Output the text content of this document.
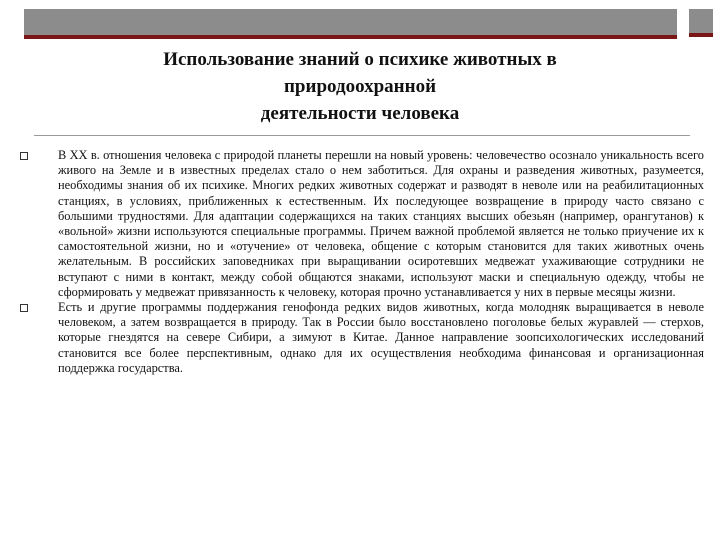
Использование знаний о психике животных в
природоохранной
деятельности человека

В XX в. отношения человека с природой планеты перешли на новый уровень: человечество осознало уникальность всего живого на Земле и в известных пределах стало о нем заботиться. Для охраны и разведения животных, разумеется, необходимы знания об их психике. Многих редких животных содержат и разводят в неволе или на реабилитационных станциях, в условиях, приближенных к естественным. Их последующее возвращение в природу часто связано с большими трудностями. Для адаптации содержащихся на таких станциях высших обезьян (например, орангутанов) к «вольной» жизни используются специальные программы. Причем важной проблемой является не только приучение их к самостоятельной жизни, но и «отучение» от человека, общение с которым становится для таких животных очень желательным. В российских заповедниках при выращивании осиротевших медвежат ухаживающие сотрудники не вступают с ними в контакт, между собой общаются знаками, используют маски и специальную одежду, чтобы не сформировать у медвежат привязанность к человеку, которая прочно устанавливается у них в первые месяцы жизни.

Есть и другие программы поддержания генофонда редких видов животных, когда молодняк выращивается в неволе человеком, а затем возвращается в природу. Так в России было восстановлено поголовье белых журавлей — стерхов, которые гнездятся на севере Сибири, а зимуют в Китае. Данное направление зоопсихологических исследований становится все более перспективным, однако для их осуществления необходима финансовая и организационная поддержка государства.
